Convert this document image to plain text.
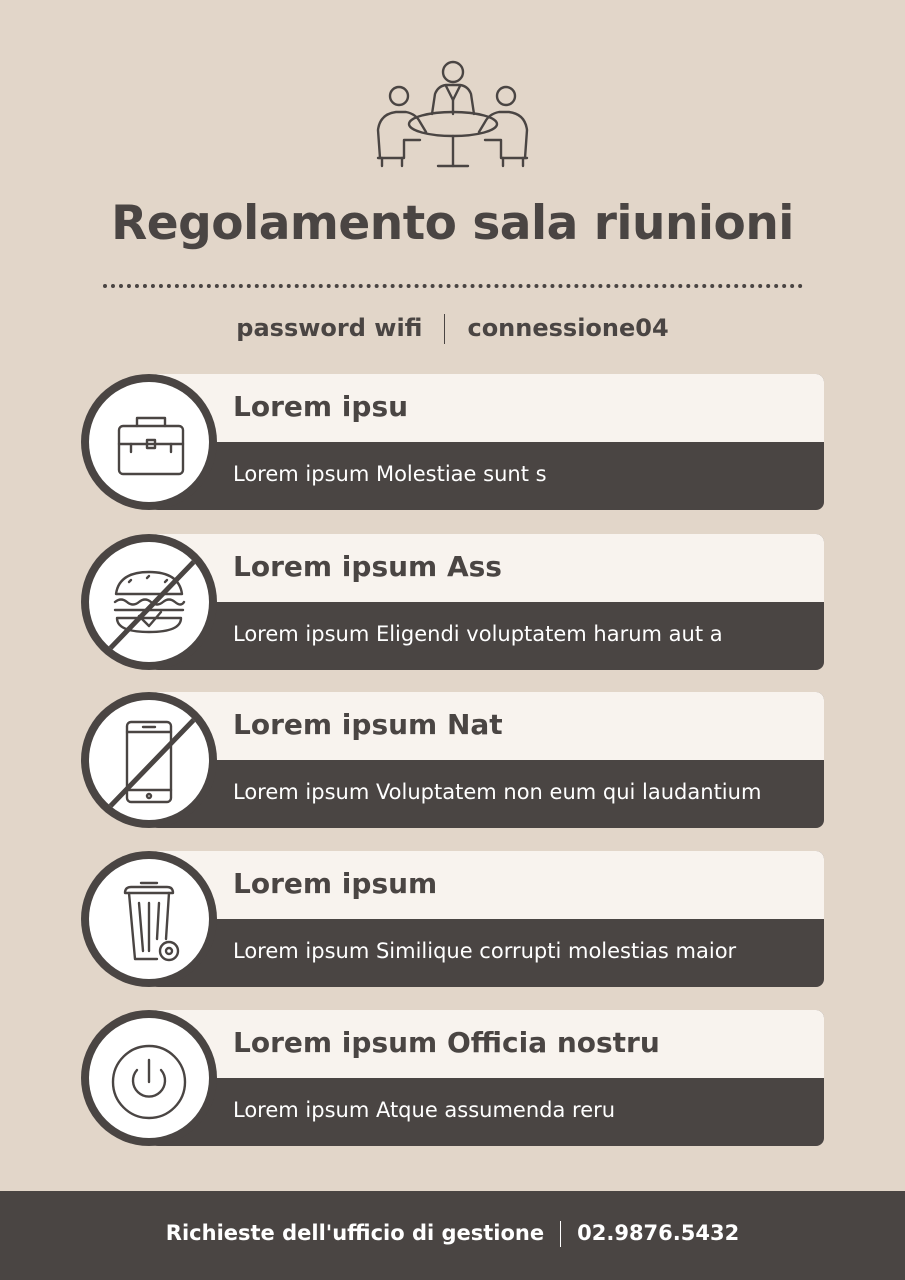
Regolamento sala riunioni
password wifi connessione04
Lorem ipsu
Lorem ipsum Molestiae sunt s
Lorem ipsum Ass
Lorem ipsum Eligendi voluptatem harum aut a
Lorem ipsum Nat
Lorem ipsum Voluptatem non eum qui laudantium
Lorem ipsum
Lorem ipsum Similique corrupti molestias maior
Lorem ipsum Officia nostru
Lorem ipsum Atque assumenda reru
Richieste dell'ufficio di gestione 02.9876.5432
